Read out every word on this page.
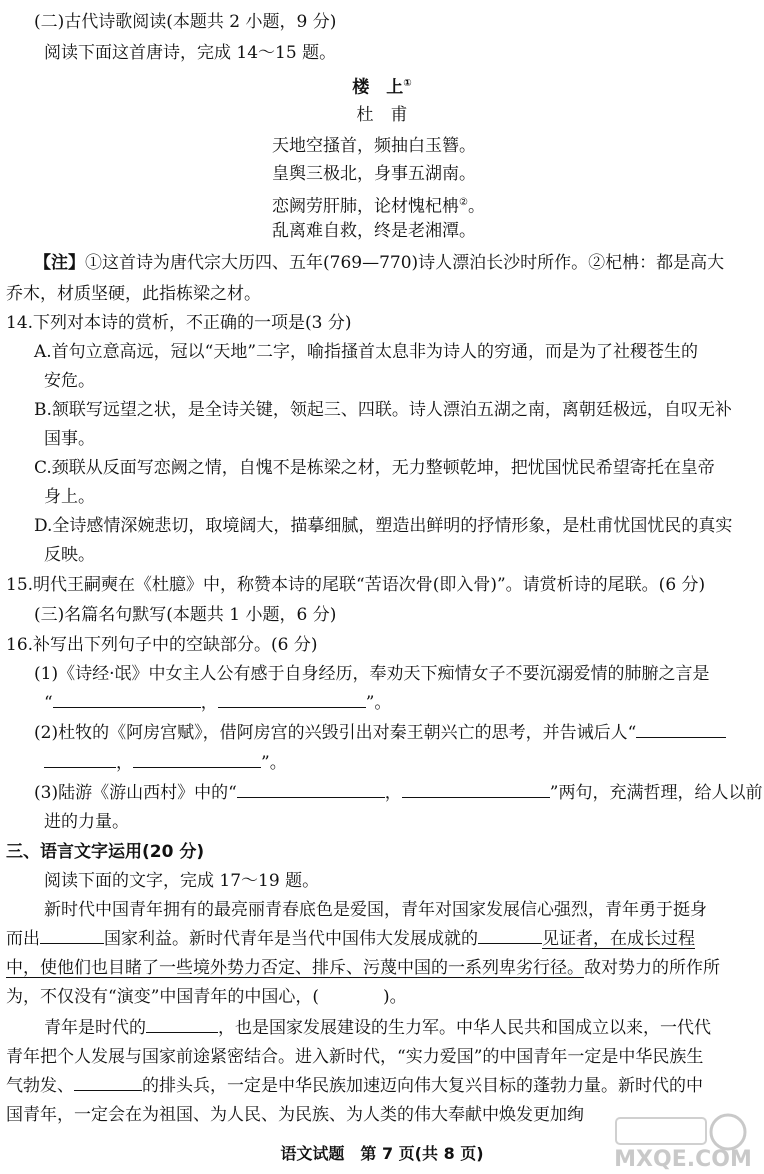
(二)古代诗歌阅读(本题共 2 小题，9 分)
阅读下面这首唐诗，完成 14～15 题。
楼　上①
杜　甫
天地空搔首，频抽白玉簪。
皇舆三极北，身事五湖南。
恋阙劳肝肺，论材愧杞柟②。
乱离难自救，终是老湘潭。
【注】①这首诗为唐代宗大历四、五年(769—770)诗人漂泊长沙时所作。②杞柟：都是高大
乔木，材质坚硬，此指栋梁之材。
14.下列对本诗的赏析，不正确的一项是(3 分)
A.首句立意高远，冠以“天地”二字，喻指搔首太息非为诗人的穷通，而是为了社稷苍生的
安危。
B.颔联写远望之状，是全诗关键，领起三、四联。诗人漂泊五湖之南，离朝廷极远，自叹无补
国事。
C.颈联从反面写恋阙之情，自愧不是栋梁之材，无力整顿乾坤，把忧国忧民希望寄托在皇帝
身上。
D.全诗感情深婉悲切，取境阔大，描摹细腻，塑造出鲜明的抒情形象，是杜甫忧国忧民的真实
反映。
15.明代王嗣奭在《杜臆》中，称赞本诗的尾联“苦语次骨(即入骨)”。请赏析诗的尾联。(6 分)
(三)名篇名句默写(本题共 1 小题，6 分)
16.补写出下列句子中的空缺部分。(6 分)
(1)《诗经·氓》中女主人公有感于自身经历，奉劝天下痴情女子不要沉溺爱情的肺腑之言是
“	，	”。
(2)杜牧的《阿房宫赋》，借阿房宫的兴毁引出对秦王朝兴亡的思考，并告诫后人“
，	”。
(3)陆游《游山西村》中的“	，	”两句，充满哲理，给人以前
进的力量。
三、语言文字运用(20 分)
阅读下面的文字，完成 17～19 题。
新时代中国青年拥有的最亮丽青春底色是爱国，青年对国家发展信心强烈，青年勇于挺身
而出	国家利益。新时代青年是当代中国伟大发展成就的	见证者，在成长过程
中，使他们也目睹了一些境外势力否定、排斥、污蔑中国的一系列卑劣行径。敌对势力的所作所
为，不仅没有“演变”中国青年的中国心，(	)。
青年是时代的	，也是国家发展建设的生力军。中华人民共和国成立以来，一代代
青年把个人发展与国家前途紧密结合。进入新时代，“实力爱国”的中国青年一定是中华民族生
气勃发、	的排头兵，一定是中华民族加速迈向伟大复兴目标的蓬勃力量。新时代的中
国青年，一定会在为祖国、为人民、为民族、为人类的伟大奉献中焕发更加绚
语文试题　第 7 页(共 8 页)	MXQE.COM
